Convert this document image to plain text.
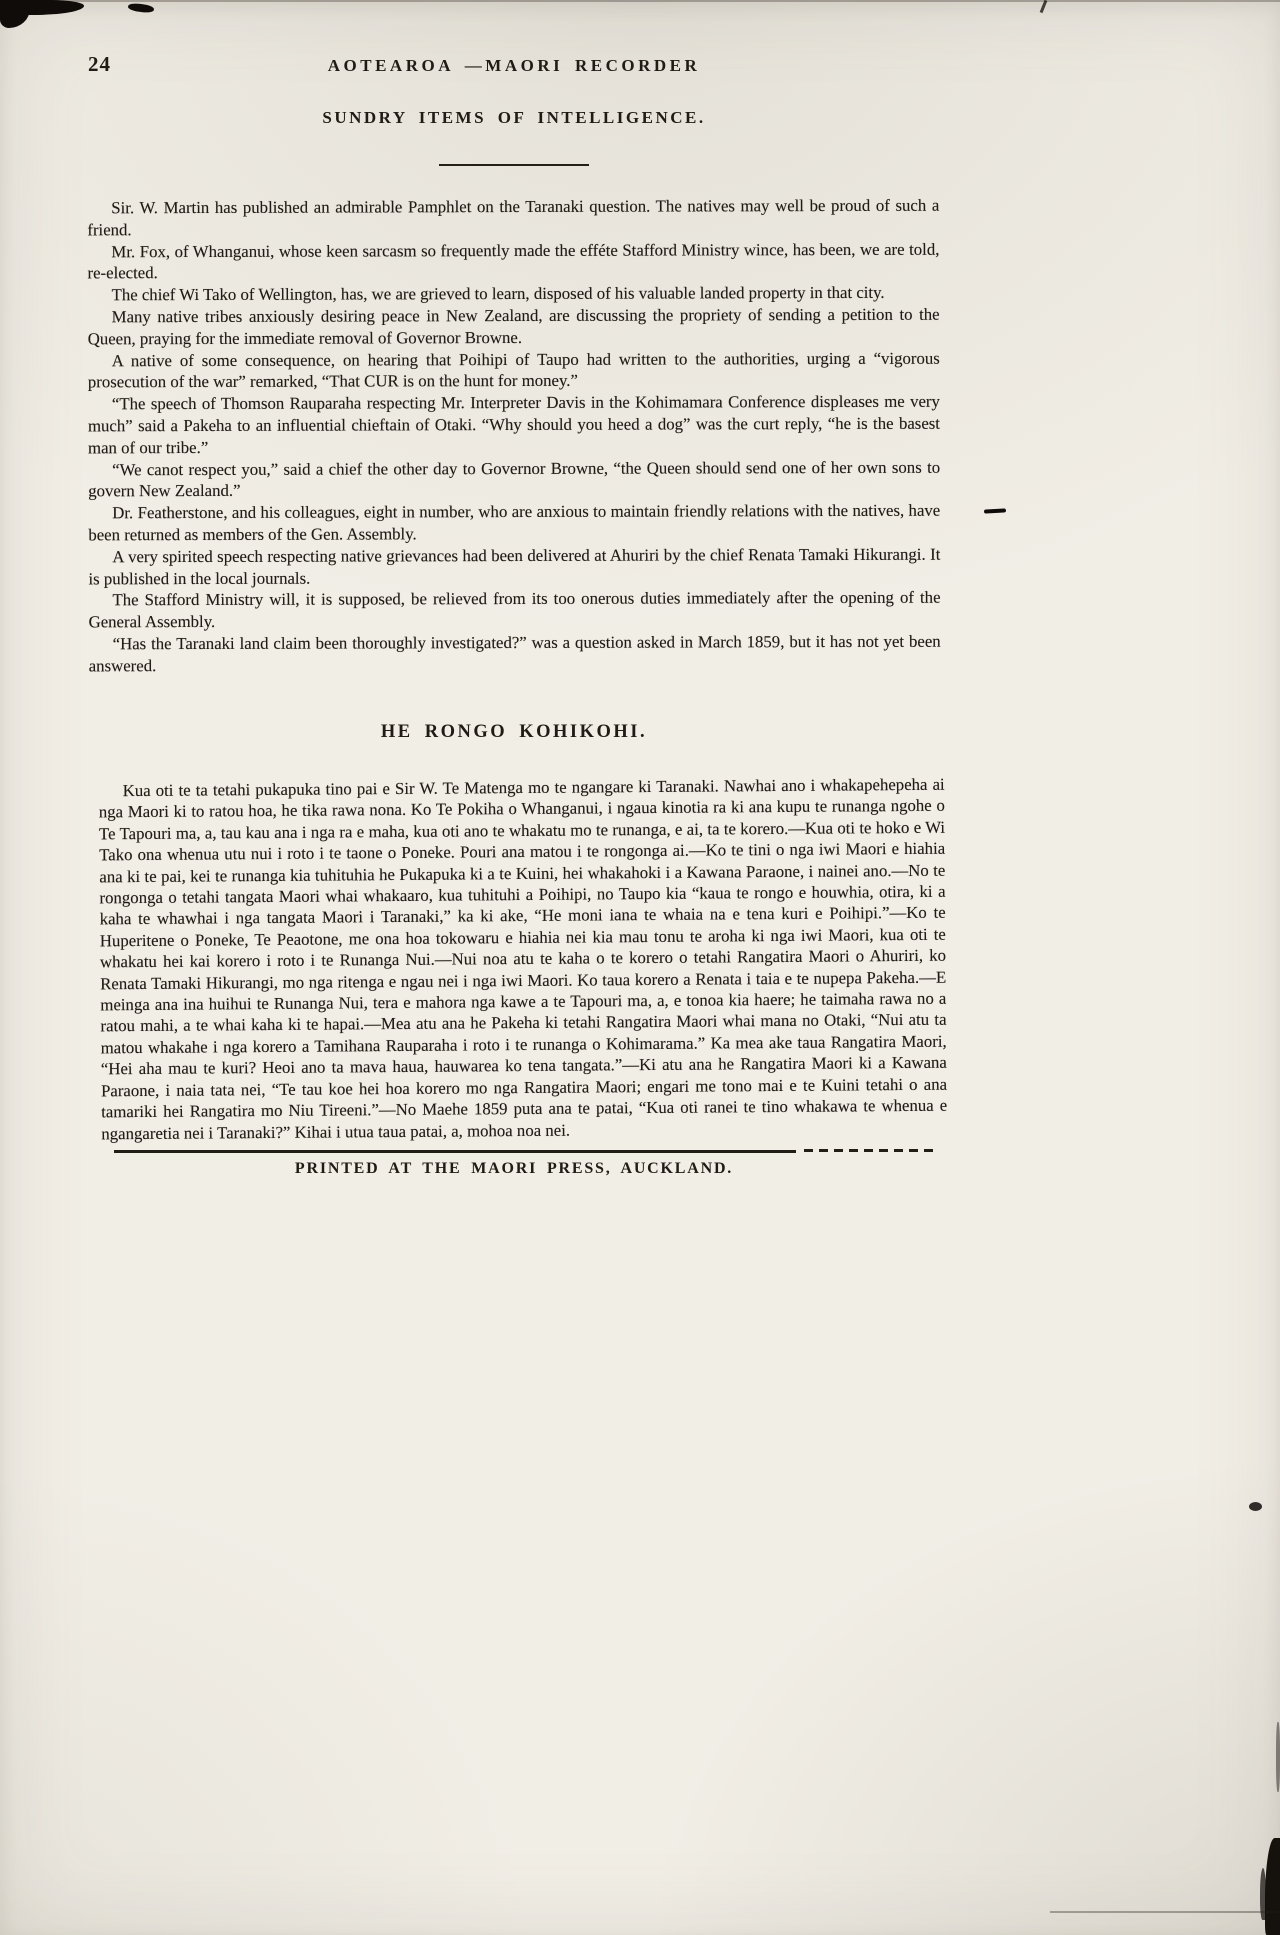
24	AOTEAROA —MAORI RECORDER
SUNDRY ITEMS OF INTELLIGENCE.

Sir. W. Martin has published an admirable Pamphlet on the Taranaki question. The natives may well be proud of such a friend.

Mr. Fox, of Whanganui, whose keen sarcasm so frequently made the efféte Stafford Ministry wince, has been, we are told, re-elected.

The chief Wi Tako of Wellington, has, we are grieved to learn, disposed of his valuable landed property in that city.

Many native tribes anxiously desiring peace in New Zealand, are discussing the propriety of sending a petition to the Queen, praying for the immediate removal of Governor Browne.

A native of some consequence, on hearing that Poihipi of Taupo had written to the authorities, urging a “vigorous prosecution of the war” remarked, “That CUR is on the hunt for money.”

“The speech of Thomson Rauparaha respecting Mr. Interpreter Davis in the Kohimamara Conference displeases me very much” said a Pakeha to an influential chieftain of Otaki. “Why should you heed a dog” was the curt reply, “he is the basest man of our tribe.”

“We canot respect you,” said a chief the other day to Governor Browne, “the Queen should send one of her own sons to govern New Zealand.”

Dr. Featherstone, and his colleagues, eight in number, who are anxious to maintain friendly relations with the natives, have been returned as members of the Gen. Assembly.

A very spirited speech respecting native grievances had been delivered at Ahuriri by the chief Renata Tamaki Hikurangi. It is published in the local journals.

The Stafford Ministry will, it is supposed, be relieved from its too onerous duties immediately after the opening of the General Assembly.

“Has the Taranaki land claim been thoroughly investigated?” was a question asked in March 1859, but it has not yet been answered.

HE RONGO KOHIKOHI.

Kua oti te ta tetahi pukapuka tino pai e Sir W. Te Matenga mo te ngangare ki Taranaki. Nawhai ano i whakapehepeha ai nga Maori ki to ratou hoa, he tika rawa nona. Ko Te Pokiha o Whanganui, i ngaua kinotia ra ki ana kupu te runanga ngohe o Te Tapouri ma, a, tau kau ana i nga ra e maha, kua oti ano te whakatu mo te runanga, e ai, ta te korero.—Kua oti te hoko e Wi Tako ona whenua utu nui i roto i te taone o Poneke. Pouri ana matou i te rongonga ai.—Ko te tini o nga iwi Maori e hiahia ana ki te pai, kei te runanga kia tuhituhia he Pukapuka ki a te Kuini, hei whakahoki i a Kawana Paraone, i nainei ano.—No te rongonga o tetahi tangata Maori whai whakaaro, kua tuhituhi a Poihipi, no Taupo kia “kaua te rongo e houwhia, otira, ki a kaha te whawhai i nga tangata Maori i Taranaki,” ka ki ake, “He moni iana te whaia na e tena kuri e Poihipi.”—Ko te Huperitene o Poneke, Te Peaotone, me ona hoa tokowaru e hiahia nei kia mau tonu te aroha ki nga iwi Maori, kua oti te whakatu hei kai korero i roto i te Runanga Nui.—Nui noa atu te kaha o te korero o tetahi Rangatira Maori o Ahuriri, ko Renata Tamaki Hikurangi, mo nga ritenga e ngau nei i nga iwi Maori. Ko taua korero a Renata i taia e te nupepa Pakeha.—E meinga ana ina huihui te Runanga Nui, tera e mahora nga kawe a te Tapouri ma, a, e tonoa kia haere; he taimaha rawa no a ratou mahi, a te whai kaha ki te hapai.—Mea atu ana he Pakeha ki tetahi Rangatira Maori whai mana no Otaki, “Nui atu ta matou whakahe i nga korero a Tamihana Rauparaha i roto i te runanga o Kohimarama.” Ka mea ake taua Rangatira Maori, “Hei aha mau te kuri? Heoi ano ta mava haua, hauwarea ko tena tangata.”—Ki atu ana he Rangatira Maori ki a Kawana Paraone, i naia tata nei, “Te tau koe hei hoa korero mo nga Rangatira Maori; engari me tono mai e te Kuini tetahi o ana tamariki hei Rangatira mo Niu Tireeni.”—No Maehe 1859 puta ana te patai, “Kua oti ranei te tino whakawa te whenua e ngangaretia nei i Taranaki?” Kihai i utua taua patai, a, mohoa noa nei.

PRINTED AT THE MAORI PRESS, AUCKLAND.
